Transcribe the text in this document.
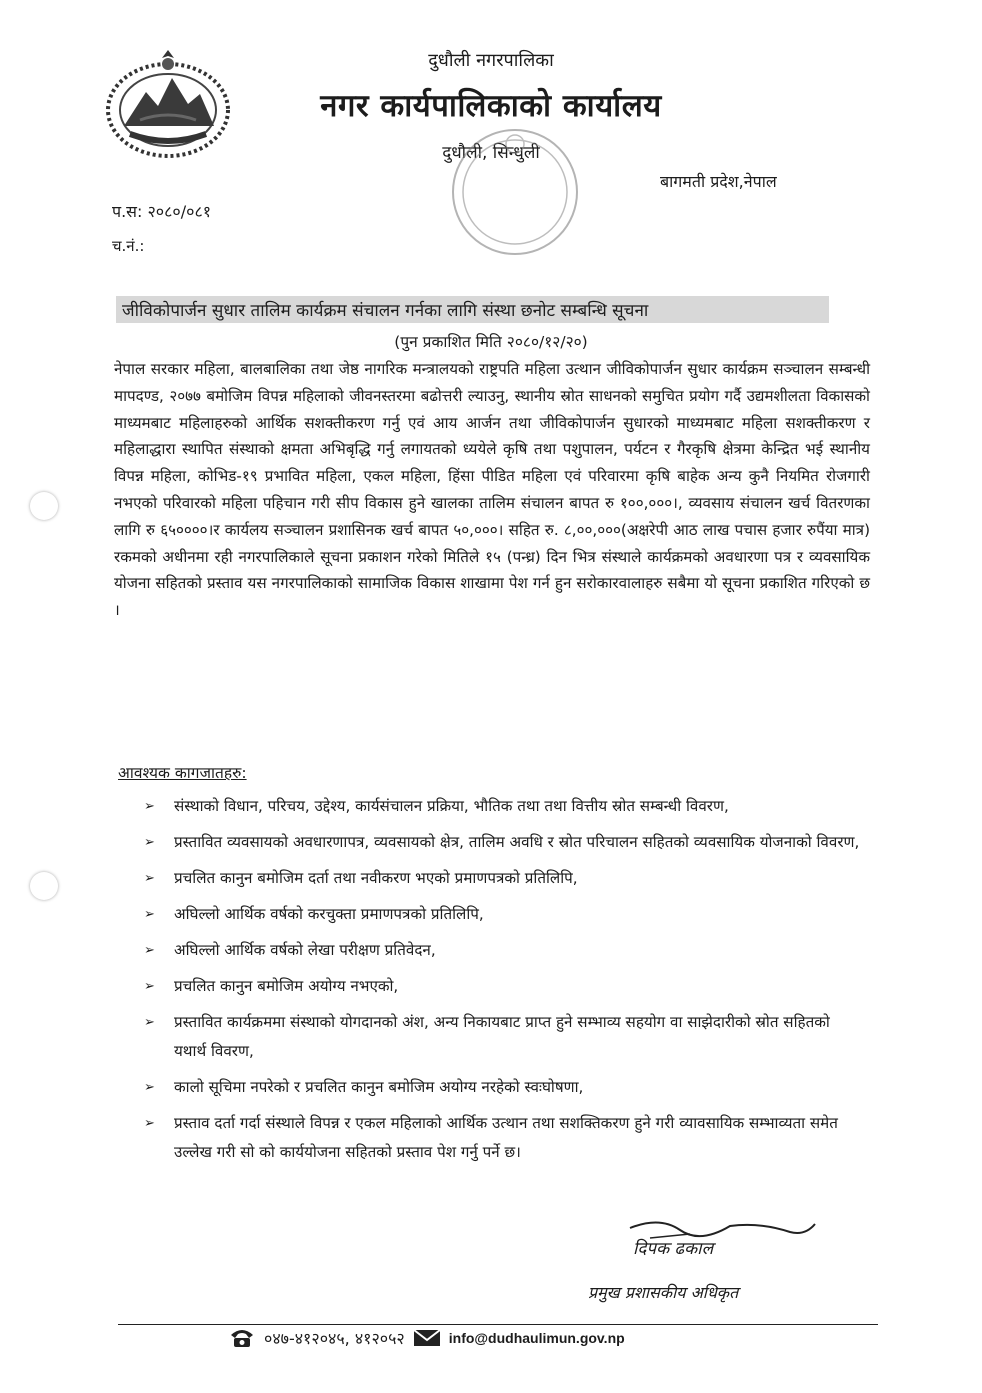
दुधौली नगरपालिका
नगर कार्यपालिकाको कार्यालय
दुधौली, सिन्धुली
बागमती प्रदेश,नेपाल
प.स: २०८०/०८१
च.नं.:
जीविकोपार्जन सुधार तालिम कार्यक्रम संचालन गर्नका लागि संस्था छनोट सम्बन्धि सूचना
(पुन प्रकाशित मिति २०८०/१२/२०)

नेपाल सरकार महिला, बालबालिका तथा जेष्ठ नागरिक मन्त्रालयको राष्ट्रपति महिला उत्थान जीविकोपार्जन सुधार कार्यक्रम सञ्चालन सम्बन्धी मापदण्ड, २०७७ बमोजिम विपन्न महिलाको जीवनस्तरमा बढोत्तरी ल्याउनु, स्थानीय स्रोत साधनको समुचित प्रयोग गर्दै उद्यमशीलता विकासको माध्यमबाट महिलाहरुको आर्थिक सशक्तीकरण गर्नु एवं आय आर्जन तथा जीविकोपार्जन सुधारको माध्यमबाट महिला सशक्तीकरण र महिलाद्धारा स्थापित संस्थाको क्षमता अभिबृद्धि गर्नु लगायतको ध्ययेले कृषि तथा पशुपालन, पर्यटन र गैरकृषि क्षेत्रमा केन्द्रित भई स्थानीय विपन्न महिला, कोभिड-१९ प्रभावित महिला, एकल महिला, हिंसा पीडित महिला एवं परिवारमा कृषि बाहेक अन्य कुनै नियमित रोजगारी नभएको परिवारको महिला पहिचान गरी सीप विकास हुने खालका तालिम संचालन बापत रु १००,०००।, व्यवसाय संचालन खर्च वितरणका लागि रु ६५००००।र कार्यलय सञ्चालन प्रशासिनक खर्च बापत ५०,०००। सहित रु. ८,००,०००(अक्षरेपी आठ लाख पचास हजार रुपैंया मात्र) रकमको अधीनमा रही नगरपालिकाले सूचना प्रकाशन गरेको मितिले १५ (पन्ध्र) दिन भित्र संस्थाले कार्यक्रमको अवधारणा पत्र र व्यवसायिक योजना सहितको प्रस्ताव यस नगरपालिकाको सामाजिक विकास शाखामा पेश गर्न हुन सरोकारवालाहरु सबैमा यो सूचना प्रकाशित गरिएको छ ।

आवश्यक कागजातहरु:
➢ संस्थाको विधान, परिचय, उद्देश्य, कार्यसंचालन प्रक्रिया, भौतिक तथा तथा वित्तीय स्रोत सम्बन्धी विवरण,
➢ प्रस्तावित व्यवसायको अवधारणापत्र, व्यवसायको क्षेत्र, तालिम अवधि र स्रोत परिचालन सहितको व्यवसायिक योजनाको विवरण,
➢ प्रचलित कानुन बमोजिम दर्ता तथा नवीकरण भएको प्रमाणपत्रको प्रतिलिपि,
➢ अघिल्लो आर्थिक वर्षको करचुक्ता प्रमाणपत्रको प्रतिलिपि,
➢ अघिल्लो आर्थिक वर्षको लेखा परीक्षण प्रतिवेदन,
➢ प्रचलित कानुन बमोजिम अयोग्य नभएको,
➢ प्रस्तावित कार्यक्रममा संस्थाको योगदानको अंश, अन्य निकायबाट प्राप्त हुने सम्भाव्य सहयोग वा साझेदारीको स्रोत सहितको यथार्थ विवरण,
➢ कालो सूचिमा नपरेको र प्रचलित कानुन बमोजिम अयोग्य नरहेको स्वःघोषणा,
➢ प्रस्ताव दर्ता गर्दा संस्थाले विपन्न र एकल महिलाको आर्थिक उत्थान तथा सशक्तिकरण हुने गरी व्यावसायिक सम्भाव्यता समेत उल्लेख गरी सो को कार्ययोजना सहितको प्रस्ताव पेश गर्नु पर्ने छ।
दिपक ढकाल
प्रमुख प्रशासकीय अधिकृत
०४७-४१२०४५, ४१२०५२	info@dudhaulimun.gov.np
